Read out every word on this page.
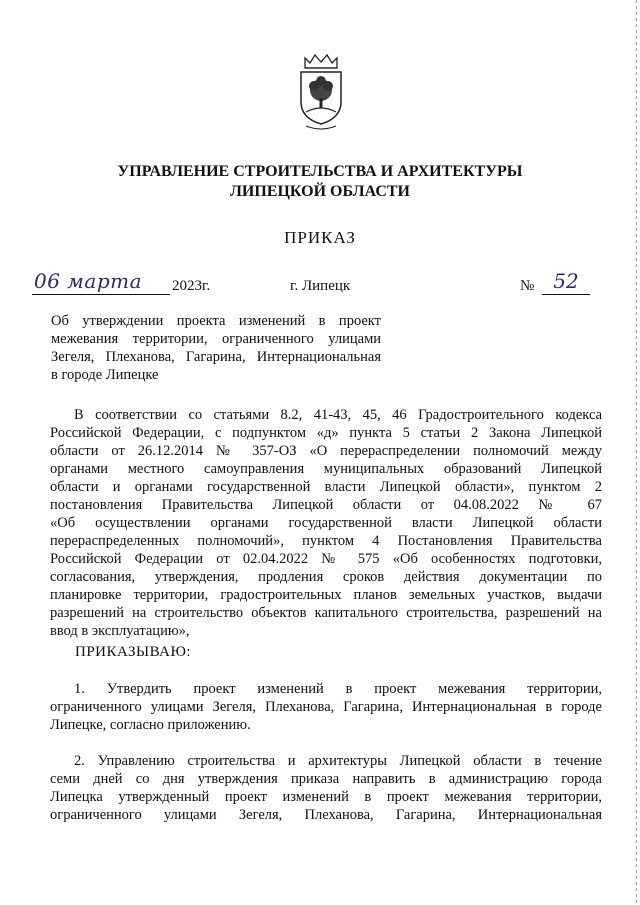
УПРАВЛЕНИЕ СТРОИТЕЛЬСТВА И АРХИТЕКТУРЫ
ЛИПЕЦКОЙ ОБЛАСТИ
ПРИКАЗ
06 марта	2023г.	г. Липецк	№ 52
Об утверждении проекта изменений в проект
межевания территории, ограниченного улицами
Зегеля, Плеханова, Гагарина, Интернациональная
в городе Липецке
В соответствии со статьями 8.2, 41-43, 45, 46 Градостроительного кодекса
Российской Федерации, с подпунктом «д» пункта 5 статьи 2 Закона Липецкой
области от 26.12.2014 № 357-ОЗ «О перераспределении полномочий между
органами местного самоуправления муниципальных образований Липецкой
области и органами государственной власти Липецкой области», пунктом 2
постановления Правительства Липецкой области от 04.08.2022 № 67
«Об осуществлении органами государственной власти Липецкой области
перераспределенных полномочий», пунктом 4 Постановления Правительства
Российской Федерации от 02.04.2022 № 575 «Об особенностях подготовки,
согласования, утверждения, продления сроков действия документации по
планировке территории, градостроительных планов земельных участков, выдачи
разрешений на строительство объектов капитального строительства, разрешений на
ввод в эксплуатацию»,
ПРИКАЗЫВАЮ:
1. Утвердить проект изменений в проект межевания территории,
ограниченного улицами Зегеля, Плеханова, Гагарина, Интернациональная в городе
Липецке, согласно приложению.
2. Управлению строительства и архитектуры Липецкой области в течение
семи дней со дня утверждения приказа направить в администрацию города
Липецка утвержденный проект изменений в проект межевания территории,
ограниченного улицами Зегеля, Плеханова, Гагарина, Интернациональная
